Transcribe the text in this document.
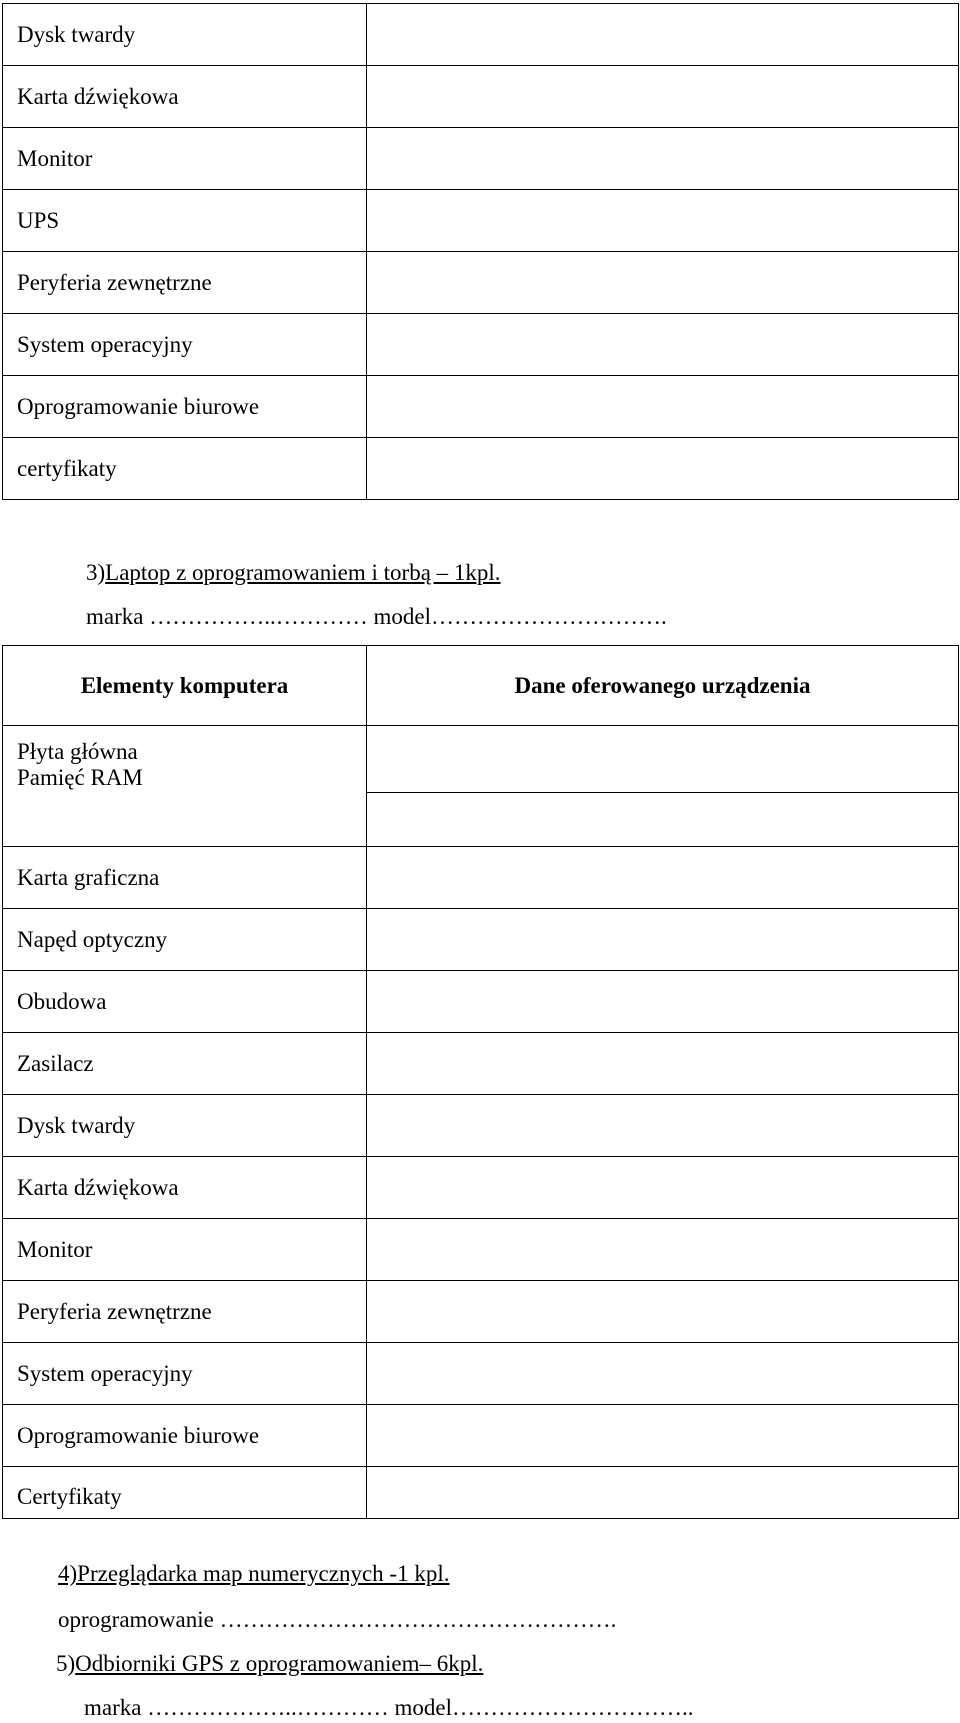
Dysk twardy	
Karta dźwiękowa	
Monitor	
UPS	
Peryferia zewnętrzne	
System operacyjny	
Oprogramowanie biurowe	
certyfikaty	
3)Laptop z oprogramowaniem i torbą – 1kpl.
marka ……………..………… model………………………….
Elementy komputera	Dane oferowanego urządzenia

Płyta główna
Pamięć RAM	

Karta graficzna	
Napęd optyczny	
Obudowa	
Zasilacz	
Dysk twardy	
Karta dźwiękowa	
Monitor	
Peryferia zewnętrzne	
System operacyjny	
Oprogramowanie biurowe	
Certyfikaty	
4)Przeglądarka map numerycznych -1 kpl.
oprogramowanie …………………………………………….
5)Odbiorniki GPS z oprogramowaniem– 6kpl.
marka ………………..………… model…………………………..
